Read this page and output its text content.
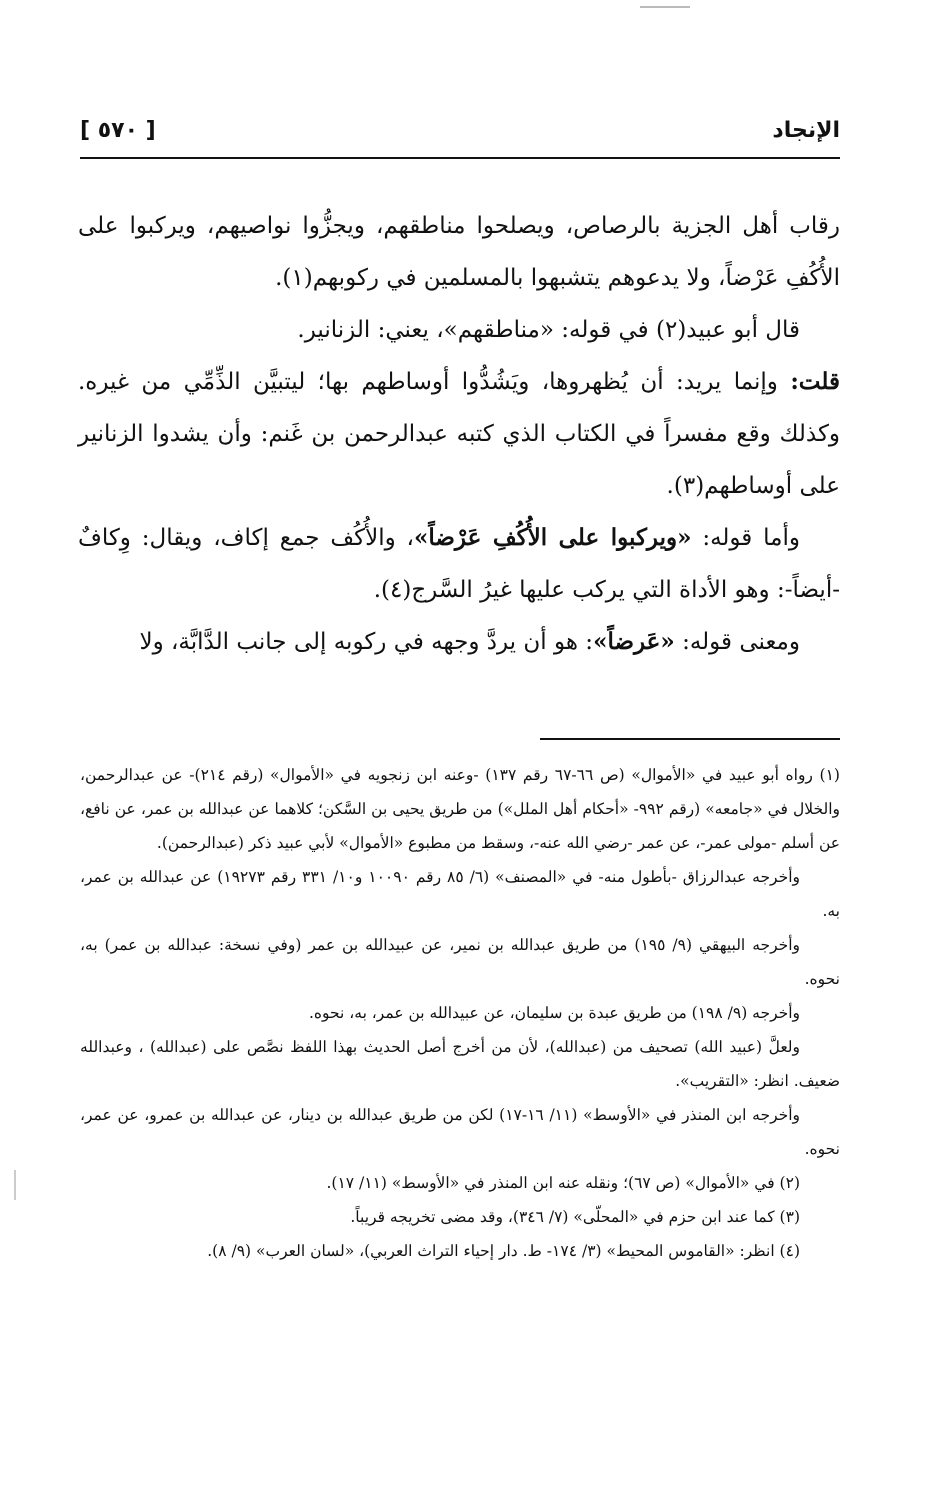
الإنجاد
[ ٥٧٠ ]

رقاب أهل الجزية بالرصاص، ويصلحوا مناطقهم، ويجزُّوا نواصيهم، ويركبوا على الأُكُفِ عَرْضاً، ولا يدعوهم يتشبهوا بالمسلمين في ركوبهم(١).

قال أبو عبيد(٢) في قوله: «مناطقهم»، يعني: الزنانير.

قلت: وإنما يريد: أن يُظهروها، ويَشُدُّوا أوساطهم بها؛ ليتبيَّن الذِّمِّي من غيره. وكذلك وقع مفسراً في الكتاب الذي كتبه عبدالرحمن بن غَنم: وأن يشدوا الزنانير على أوساطهم(٣).

وأما قوله: «ويركبوا على الأُكُفِ عَرْضاً»، والأُكُف جمع إكاف، ويقال: وِكافٌ -أيضاً-: وهو الأداة التي يركب عليها غيرُ السَّرج(٤).

ومعنى قوله: «عَرضاً»: هو أن يردَّ وجهه في ركوبه إلى جانب الدَّابَّة، ولا

(١) رواه أبو عبيد في «الأموال» (ص ٦٦-٦٧ رقم ١٣٧) -وعنه ابن زنجويه في «الأموال» (رقم ٢١٤)- عن عبدالرحمن، والخلال في «جامعه» (رقم ٩٩٢- «أحكام أهل الملل») من طريق يحيى بن السَّكن؛ كلاهما عن عبدالله بن عمر، عن نافع، عن أسلم -مولى عمر-، عن عمر -رضي الله عنه-، وسقط من مطبوع «الأموال» لأبي عبيد ذكر (عبدالرحمن).

وأخرجه عبدالرزاق -بأطول منه- في «المصنف» (٦/ ٨٥ رقم ١٠٠٩٠ و١٠/ ٣٣١ رقم ١٩٢٧٣) عن عبدالله بن عمر، به.

وأخرجه البيهقي (٩/ ١٩٥) من طريق عبدالله بن نمير، عن عبيدالله بن عمر (وفي نسخة: عبدالله بن عمر) به، نحوه.

وأخرجه (٩/ ١٩٨) من طريق عبدة بن سليمان، عن عبيدالله بن عمر، به، نحوه.

ولعلَّ (عبيد الله) تصحيف من (عبدالله)، لأن من أخرج أصل الحديث بهذا اللفظ نصَّص على (عبدالله) ، وعبدالله ضعيف. انظر: «التقريب».

وأخرجه ابن المنذر في «الأوسط» (١١/ ١٦-١٧) لكن من طريق عبدالله بن دينار، عن عبدالله بن عمرو، عن عمر، نحوه.

(٢) في «الأموال» (ص ٦٧)؛ ونقله عنه ابن المنذر في «الأوسط» (١١/ ١٧).

(٣) كما عند ابن حزم في «المحلّى» (٧/ ٣٤٦)، وقد مضى تخريجه قريباً.

(٤) انظر: «القاموس المحيط» (٣/ ١٧٤- ط. دار إحياء التراث العربي)، «لسان العرب» (٩/ ٨).
